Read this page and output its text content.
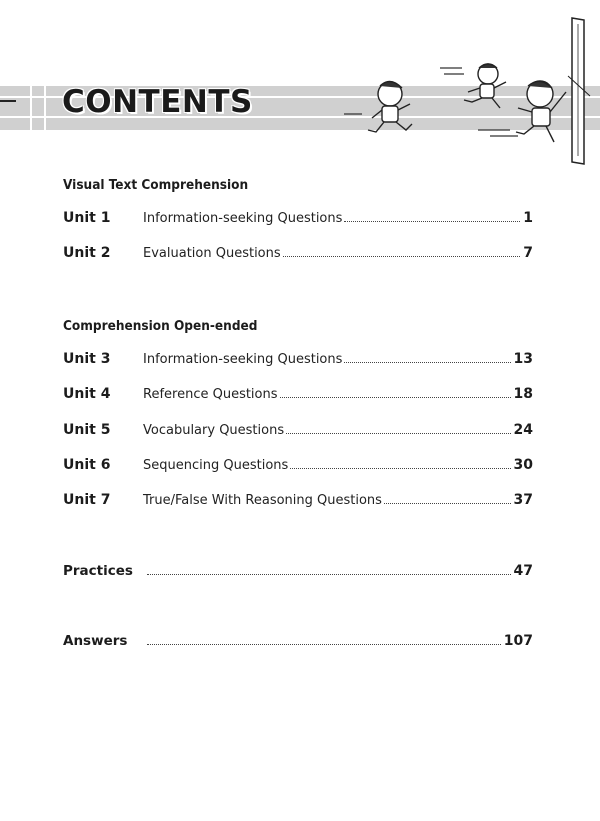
CONTENTS
Visual Text Comprehension
Unit 1	Information-seeking Questions	1
Unit 2	Evaluation Questions	7
Comprehension Open-ended
Unit 3	Information-seeking Questions	13
Unit 4	Reference Questions	18
Unit 5	Vocabulary Questions	24
Unit 6	Sequencing Questions	30
Unit 7	True/False With Reasoning Questions	37
Practices	47
Answers	107
